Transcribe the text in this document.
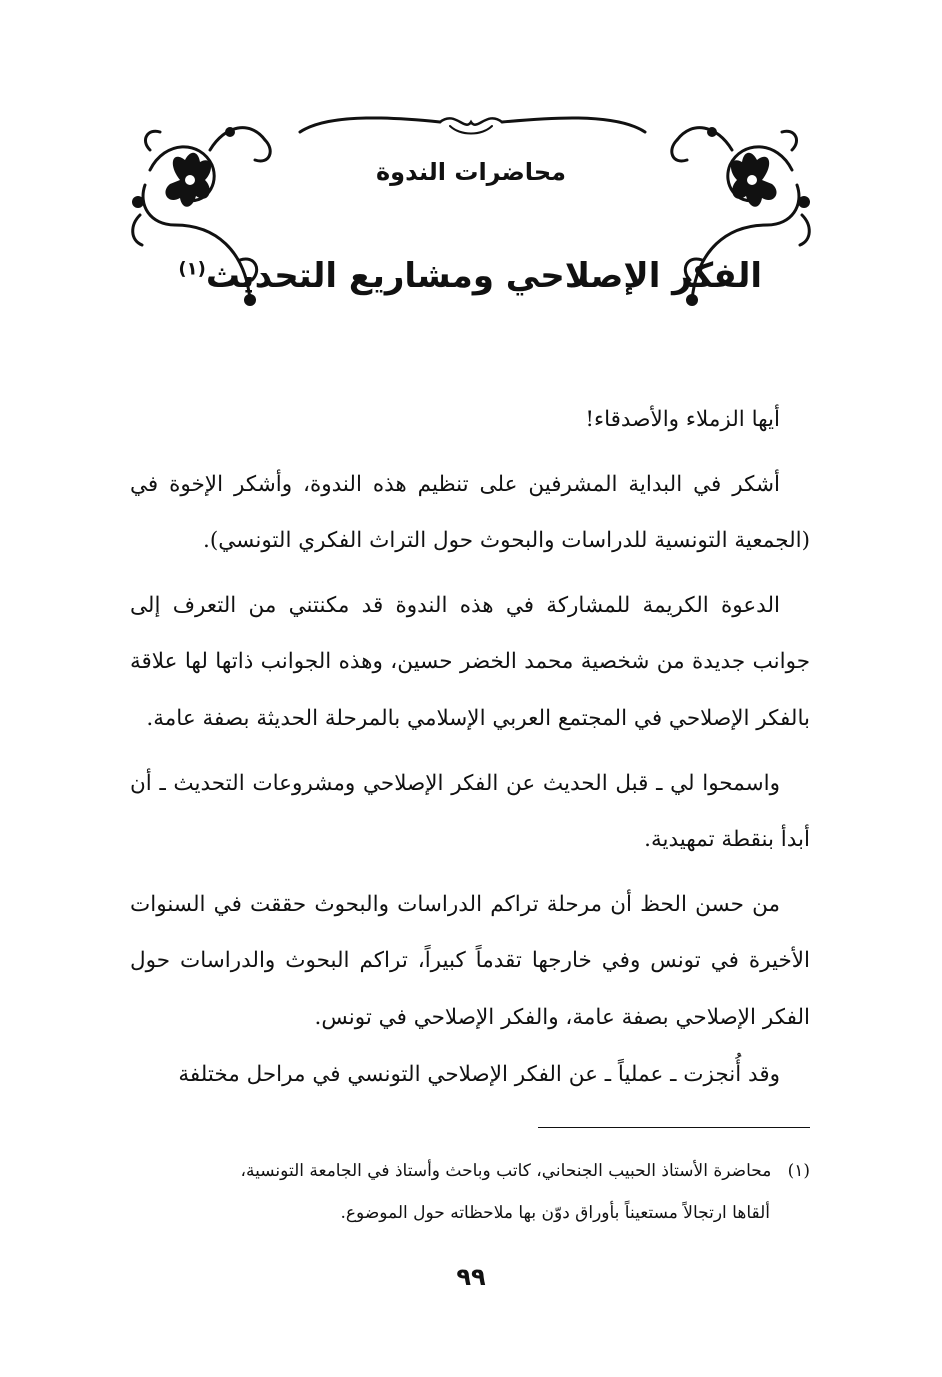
محاضرات الندوة
الفكر الإصلاحي ومشاريع التحديث$^{(١)}$

أيها الزملاء والأصدقاء!

أشكر في البداية المشرفين على تنظيم هذه الندوة، وأشكر الإخوة في (الجمعية التونسية للدراسات والبحوث حول التراث الفكري التونسي).

الدعوة الكريمة للمشاركة في هذه الندوة قد مكنتني من التعرف إلى جوانب جديدة من شخصية محمد الخضر حسين، وهذه الجوانب ذاتها لها علاقة بالفكر الإصلاحي في المجتمع العربي الإسلامي بالمرحلة الحديثة بصفة عامة.

واسمحوا لي ـ قبل الحديث عن الفكر الإصلاحي ومشروعات التحديث ـ أن أبدأ بنقطة تمهيدية.

من حسن الحظ أن مرحلة تراكم الدراسات والبحوث حققت في السنوات الأخيرة في تونس وفي خارجها تقدماً كبيراً، تراكم البحوث والدراسات حول الفكر الإصلاحي بصفة عامة، والفكر الإصلاحي في تونس.

وقد أُنجزت ـ عملياً ـ عن الفكر الإصلاحي التونسي في مراحل مختلفة

(١)   محاضرة الأستاذ الحبيب الجنحاني، كاتب وباحث وأستاذ في الجامعة التونسية،
ألقاها ارتجالاً مستعيناً بأوراق دوّن بها ملاحظاته حول الموضوع.
٩٩
